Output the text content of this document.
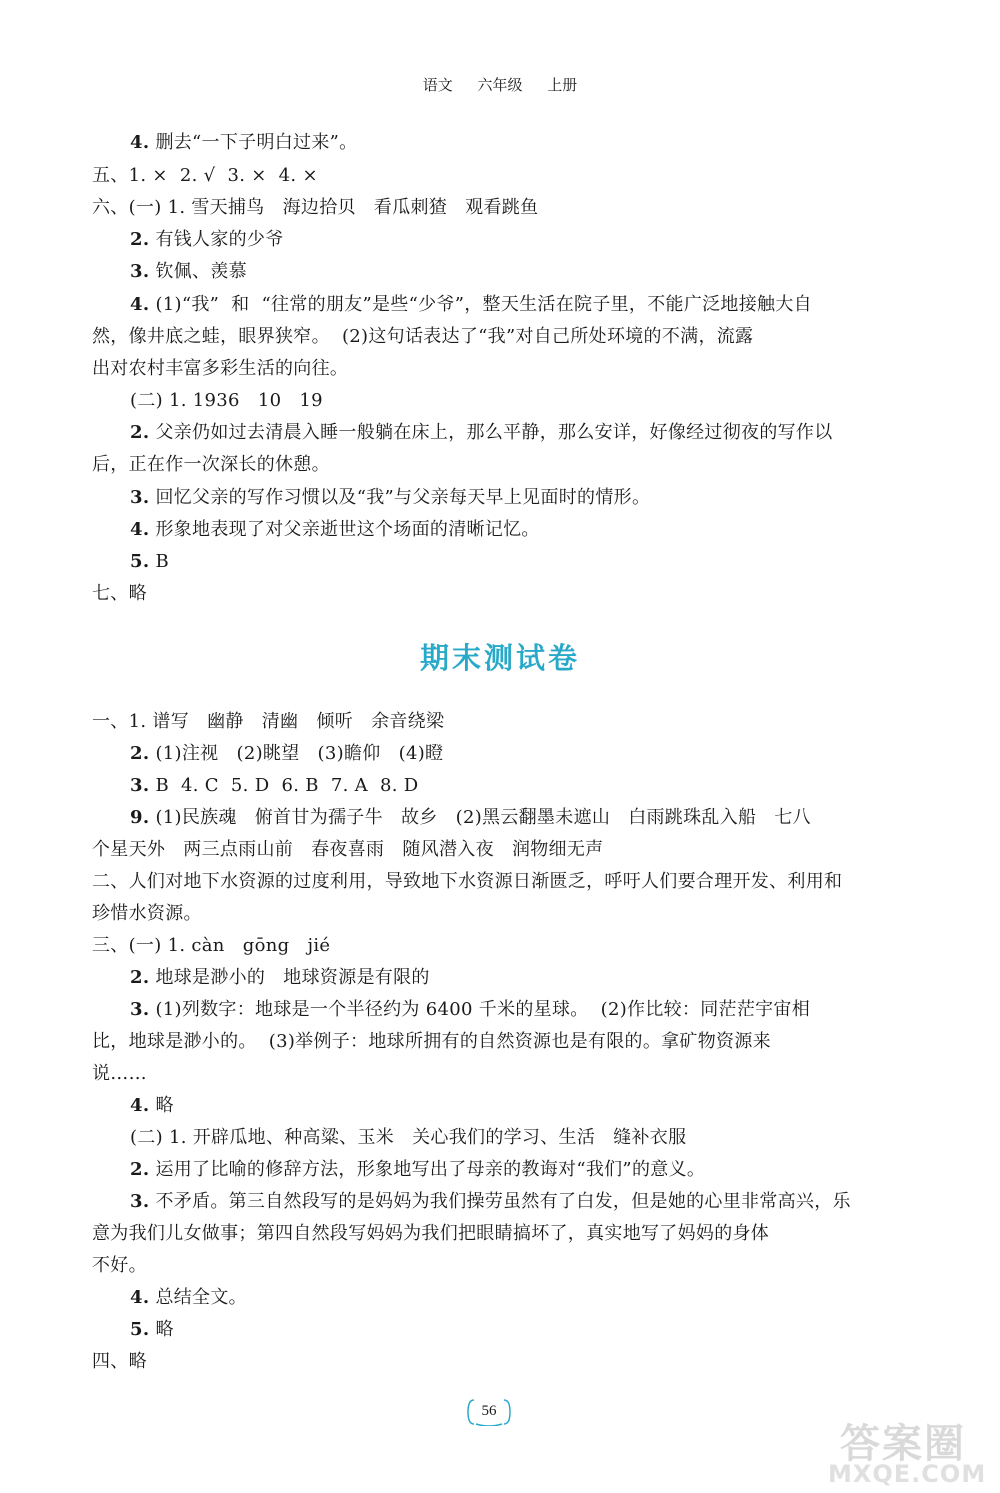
语文 六年级 上册
4. 删去“一下子明白过来”。
五、1. ×  2. √  3. ×  4. ×
六、(一) 1. 雪天捕鸟   海边拾贝   看瓜刺猹   观看跳鱼
2. 有钱人家的少爷
3. 钦佩、羡慕
4. (1)“我”  和  “往常的朋友”是些“少爷”，整天生活在院子里，不能广泛地接触大自
然，像井底之蛙，眼界狭窄。  (2)这句话表达了“我”对自己所处环境的不满，流露
出对农村丰富多彩生活的向往。
(二) 1. 1936   10   19
2. 父亲仍如过去清晨入睡一般躺在床上，那么平静，那么安详，好像经过彻夜的写作以
后，正在作一次深长的休憩。
3. 回忆父亲的写作习惯以及“我”与父亲每天早上见面时的情形。
4. 形象地表现了对父亲逝世这个场面的清晰记忆。
5. B
七、略
期末测试卷
一、1. 谱写   幽静   清幽   倾听   余音绕梁
2. (1)注视   (2)眺望   (3)瞻仰   (4)瞪
3. B  4. C  5. D  6. B  7. A  8. D
9. (1)民族魂   俯首甘为孺子牛   故乡   (2)黑云翻墨未遮山   白雨跳珠乱入船   七八
个星天外   两三点雨山前   春夜喜雨   随风潜入夜   润物细无声
二、人们对地下水资源的过度利用，导致地下水资源日渐匮乏，呼吁人们要合理开发、利用和
珍惜水资源。
三、(一) 1. càn   gōng   jié
2. 地球是渺小的   地球资源是有限的
3. (1)列数字：地球是一个半径约为 6400 千米的星球。  (2)作比较：同茫茫宇宙相
比，地球是渺小的。  (3)举例子：地球所拥有的自然资源也是有限的。拿矿物资源来
说……
4. 略
(二) 1. 开辟瓜地、种高粱、玉米   关心我们的学习、生活   缝补衣服
2. 运用了比喻的修辞方法，形象地写出了母亲的教诲对“我们”的意义。
3. 不矛盾。第三自然段写的是妈妈为我们操劳虽然有了白发，但是她的心里非常高兴，乐
意为我们儿女做事；第四自然段写妈妈为我们把眼睛搞坏了，真实地写了妈妈的身体
不好。
4. 总结全文。
5. 略
四、略
56
答案圈
MXQE.COM
